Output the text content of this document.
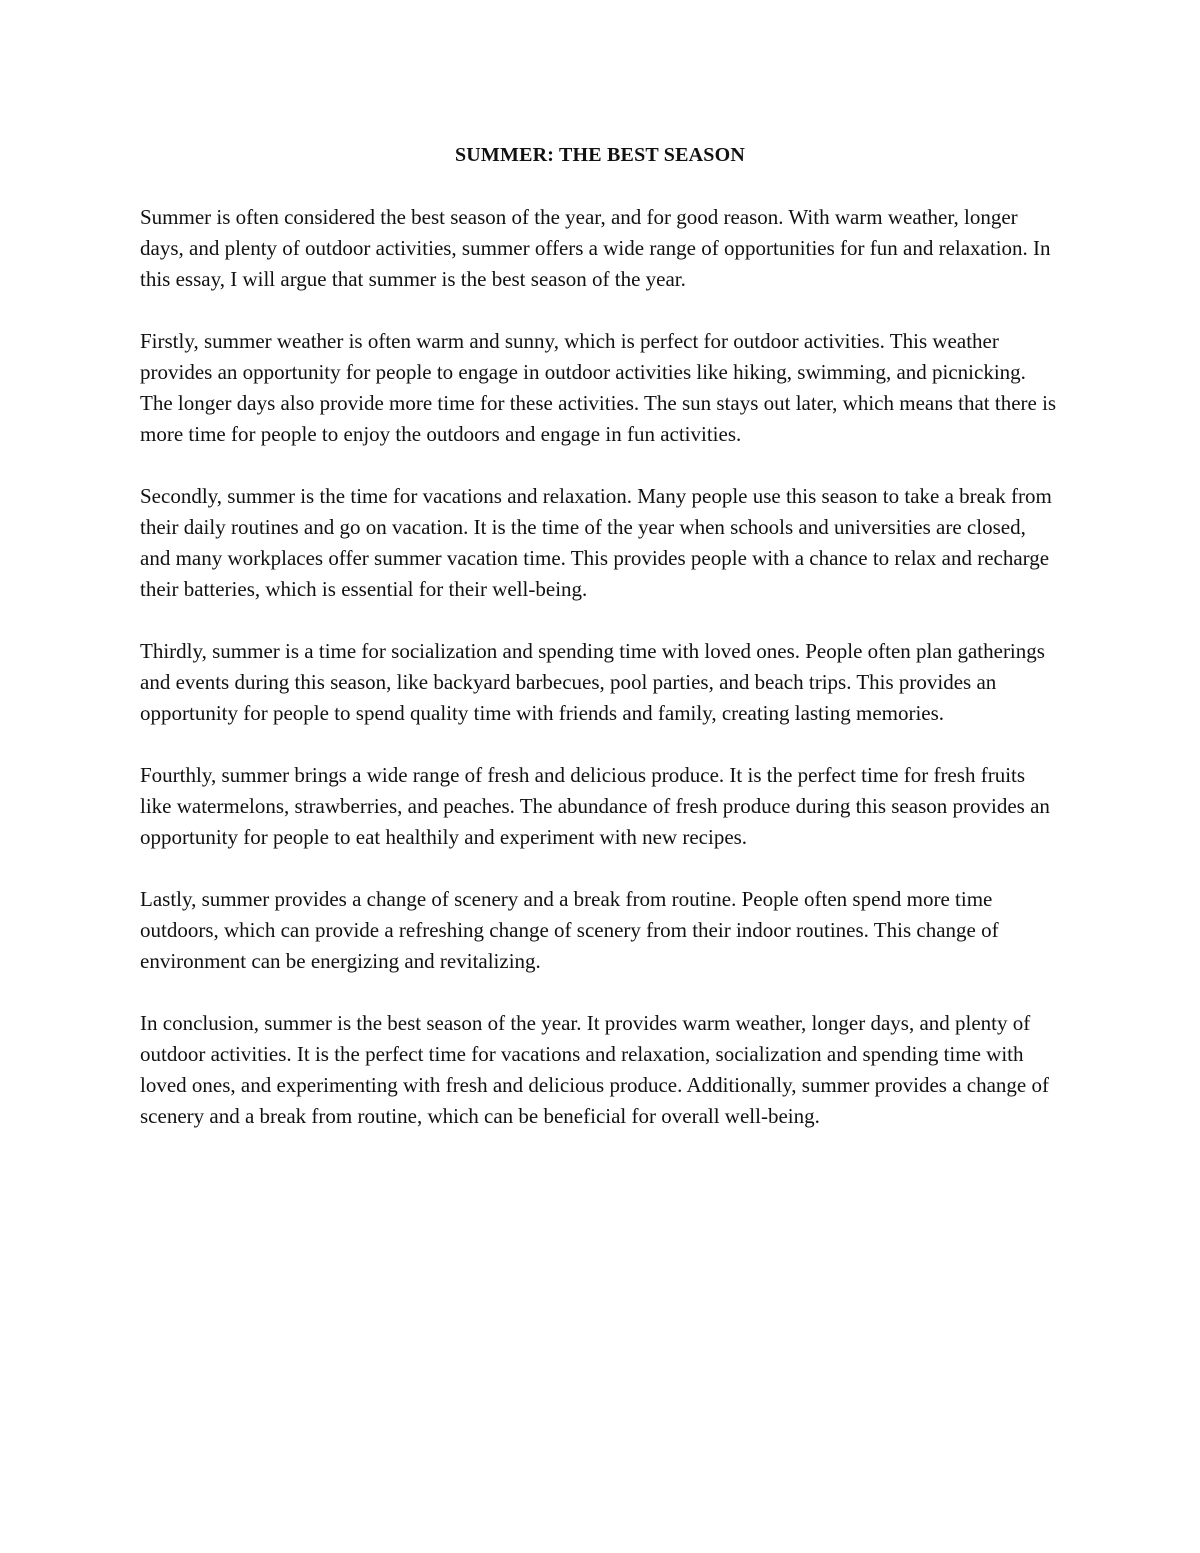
SUMMER: THE BEST SEASON

Summer is often considered the best season of the year, and for good reason. With warm weather, longer days, and plenty of outdoor activities, summer offers a wide range of opportunities for fun and relaxation. In this essay, I will argue that summer is the best season of the year.

Firstly, summer weather is often warm and sunny, which is perfect for outdoor activities. This weather provides an opportunity for people to engage in outdoor activities like hiking, swimming, and picnicking. The longer days also provide more time for these activities. The sun stays out later, which means that there is more time for people to enjoy the outdoors and engage in fun activities.

Secondly, summer is the time for vacations and relaxation. Many people use this season to take a break from their daily routines and go on vacation. It is the time of the year when schools and universities are closed, and many workplaces offer summer vacation time. This provides people with a chance to relax and recharge their batteries, which is essential for their well-being.

Thirdly, summer is a time for socialization and spending time with loved ones. People often plan gatherings and events during this season, like backyard barbecues, pool parties, and beach trips. This provides an opportunity for people to spend quality time with friends and family, creating lasting memories.

Fourthly, summer brings a wide range of fresh and delicious produce. It is the perfect time for fresh fruits like watermelons, strawberries, and peaches. The abundance of fresh produce during this season provides an opportunity for people to eat healthily and experiment with new recipes.

Lastly, summer provides a change of scenery and a break from routine. People often spend more time outdoors, which can provide a refreshing change of scenery from their indoor routines. This change of environment can be energizing and revitalizing.

In conclusion, summer is the best season of the year. It provides warm weather, longer days, and plenty of outdoor activities. It is the perfect time for vacations and relaxation, socialization and spending time with loved ones, and experimenting with fresh and delicious produce. Additionally, summer provides a change of scenery and a break from routine, which can be beneficial for overall well-being.
